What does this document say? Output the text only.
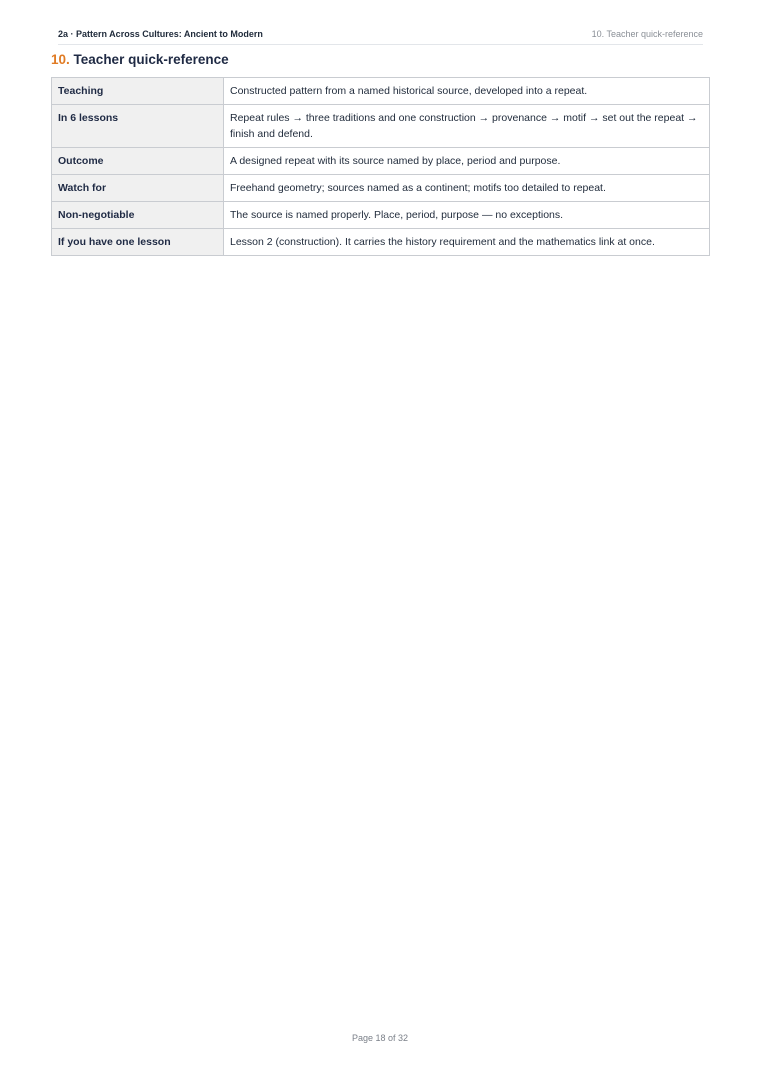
2a · Pattern Across Cultures: Ancient to Modern	10. Teacher quick-reference
10. Teacher quick-reference
Teaching	Constructed pattern from a named historical source, developed into a repeat.
In 6 lessons	Repeat rules → three traditions and one construction → provenance → motif → set out the repeat → finish and defend.
Outcome	A designed repeat with its source named by place, period and purpose.
Watch for	Freehand geometry; sources named as a continent; motifs too detailed to repeat.
Non-negotiable	The source is named properly. Place, period, purpose — no exceptions.
If you have one lesson	Lesson 2 (construction). It carries the history requirement and the mathematics link at once.
Page 18 of 32
